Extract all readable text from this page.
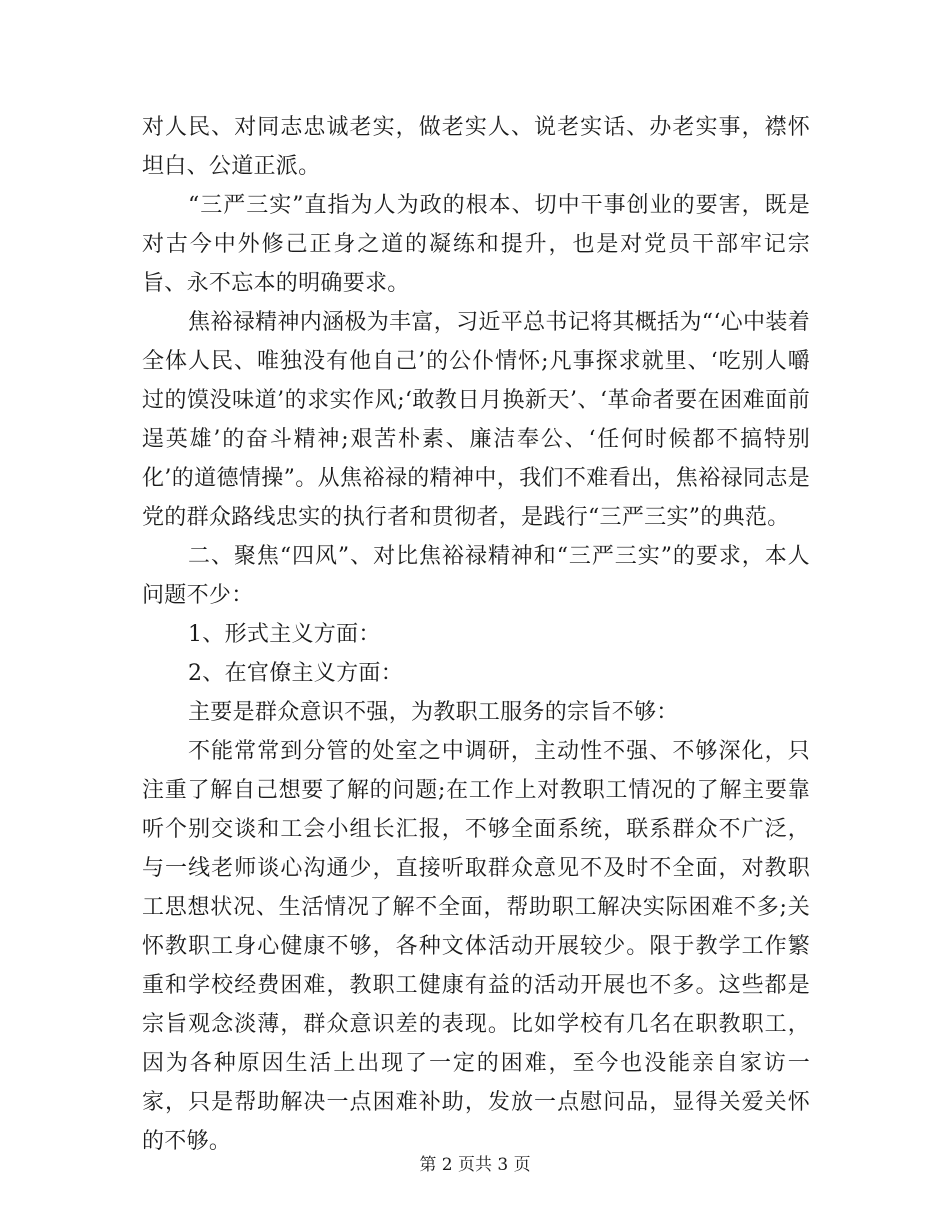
对人民、对同志忠诚老实，做老实人、说老实话、办老实事，襟怀坦白、公道正派。

“三严三实”直指为人为政的根本、切中干事创业的要害，既是对古今中外修己正身之道的凝练和提升，也是对党员干部牢记宗旨、永不忘本的明确要求。

焦裕禄精神内涵极为丰富，习近平总书记将其概括为“‘心中装着全体人民、唯独没有他自己’的公仆情怀;凡事探求就里、‘吃别人嚼过的馍没味道’的求实作风;‘敢教日月换新天’、‘革命者要在困难面前逞英雄’的奋斗精神;艰苦朴素、廉洁奉公、‘任何时候都不搞特别化’的道德情操”。从焦裕禄的精神中，我们不难看出，焦裕禄同志是党的群众路线忠实的执行者和贯彻者，是践行“三严三实”的典范。

二、聚焦“四风”、对比焦裕禄精神和“三严三实”的要求，本人问题不少：

1、形式主义方面：

2、在官僚主义方面：

主要是群众意识不强，为教职工服务的宗旨不够：

不能常常到分管的处室之中调研，主动性不强、不够深化，只注重了解自己想要了解的问题;在工作上对教职工情况的了解主要靠听个别交谈和工会小组长汇报，不够全面系统，联系群众不广泛，与一线老师谈心沟通少，直接听取群众意见不及时不全面，对教职工思想状况、生活情况了解不全面，帮助职工解决实际困难不多;关怀教职工身心健康不够，各种文体活动开展较少。限于教学工作繁重和学校经费困难，教职工健康有益的活动开展也不多。这些都是宗旨观念淡薄，群众意识差的表现。比如学校有几名在职教职工，因为各种原因生活上出现了一定的困难，至今也没能亲自家访一家，只是帮助解决一点困难补助，发放一点慰问品，显得关爱关怀的不够。

第 2 页共 3 页
